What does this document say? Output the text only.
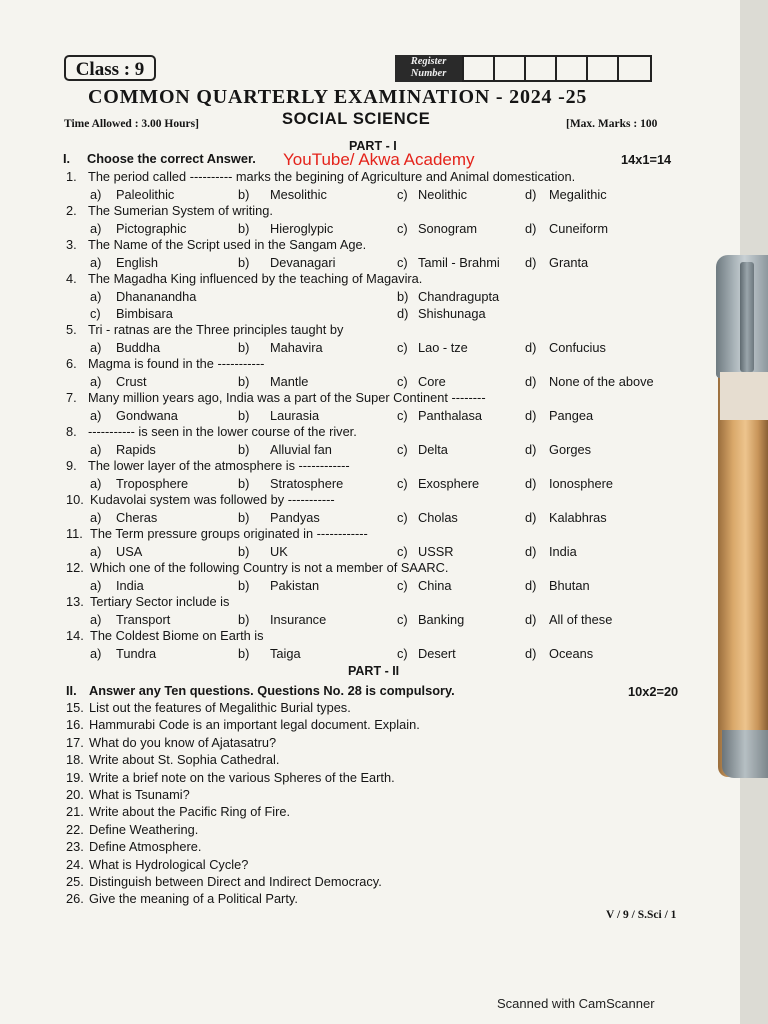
Class : 9	Register Number
COMMON QUARTERLY EXAMINATION - 2024 -25
Time Allowed : 3.00 Hours]	SOCIAL SCIENCE	[Max. Marks : 100
PART - I
I. Choose the correct Answer. YouTube/ Akwa Academy	14x1=14
1. The period called ---------- marks the begining of Agriculture and Animal domestication.
a) Paleolithic	b) Mesolithic	c) Neolithic	d) Megalithic
2. The Sumerian System of writing.
a) Pictographic	b) Hieroglypic	c) Sonogram	d) Cuneiform
3. The Name of the Script used in the Sangam Age.
a) English	b) Devanagari	c) Tamil - Brahmi d) Granta
4. The Magadha King influenced by the teaching of Magavira.
a) Dhananandha	b) Chandragupta
c) Bimbisara	d) Shishunaga
5. Tri - ratnas are the Three principles taught by
a) Buddha	b) Mahavira	c) Lao - tze	d) Confucius
6. Magma is found in the -----------
a) Crust	b) Mantle	c) Core	d) None of the above
7. Many million years ago, India was a part of the Super Continent --------
a) Gondwana	b) Laurasia	c) Panthalasa	d) Pangea
8. ----------- is seen in the lower course of the river.
a) Rapids	b) Alluvial fan	c) Delta	d) Gorges
9. The lower layer of the atmosphere is ------------
a) Troposphere	b) Stratosphere	c) Exosphere	d) Ionosphere
10. Kudavolai system was followed by -----------
a) Cheras	b) Pandyas	c) Cholas	d) Kalabhras
11. The Term pressure groups originated in ------------
a) USA	b) UK	c) USSR	d) India
12. Which one of the following Country is not a member of SAARC.
a) India	b) Pakistan	c) China	d) Bhutan
13. Tertiary Sector include is
a) Transport	b) Insurance	c) Banking	d) All of these
14. The Coldest Biome on Earth is
a) Tundra	b) Taiga	c) Desert	d) Oceans
PART - II
II. Answer any Ten questions. Questions No. 28 is compulsory.	10x2=20
15. List out the features of Megalithic Burial types.
16. Hammurabi Code is an important legal document. Explain.
17. What do you know of Ajatasatru?
18. Write about St. Sophia Cathedral.
19. Write a brief note on the various Spheres of the Earth.
20. What is Tsunami?
21. Write about the Pacific Ring of Fire.
22. Define Weathering.
23. Define Atmosphere.
24. What is Hydrological Cycle?
25. Distinguish between Direct and Indirect Democracy.
26. Give the meaning of a Political Party.
V / 9 / S.Sci / 1
Scanned with CamScanner
